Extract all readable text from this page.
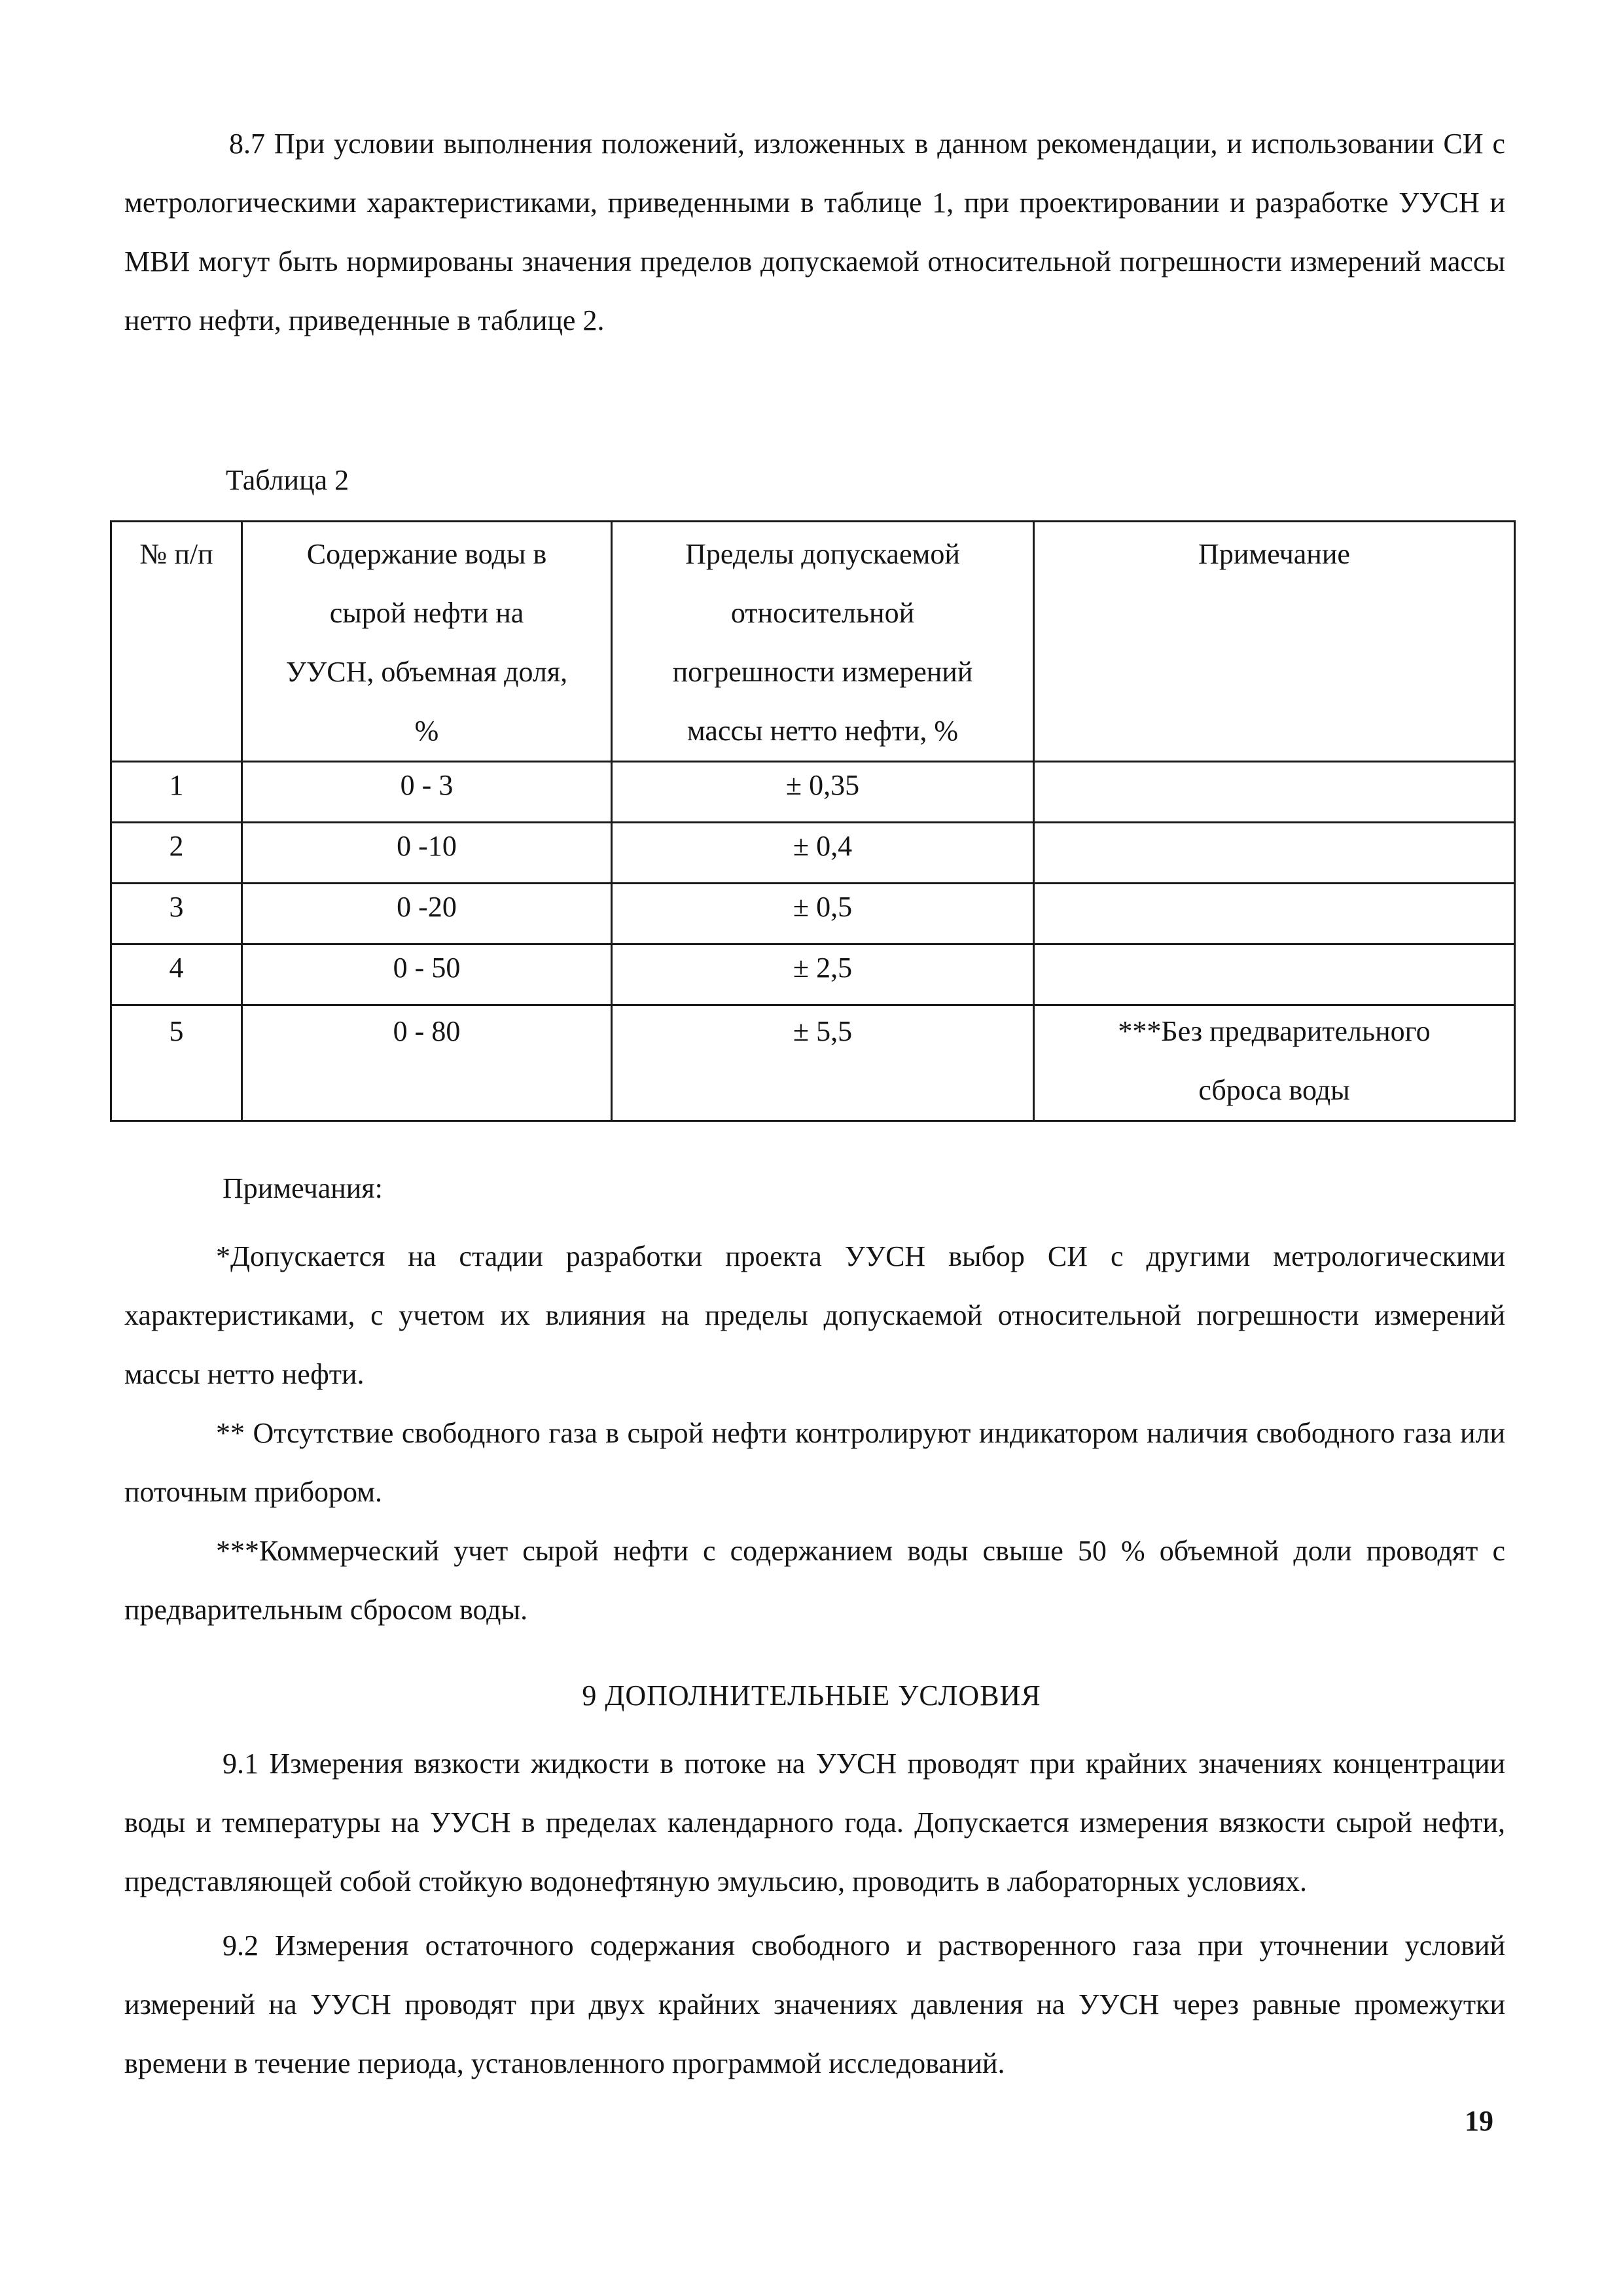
8.7 При условии выполнения положений, изложенных в данном рекомендации, и использовании СИ с метрологическими характеристиками, приведенными в таблице 1, при проектировании и разработке УУСН и МВИ могут быть нормированы значения пределов допускаемой относительной погрешности измерений массы нетто нефти, приведенные в таблице 2.

Таблица 2

№ п/п	Содержание воды в сырой нефти на УУСН, объемная доля, %	Пределы допускаемой относительной погрешности измерений массы нетто нефти, %	Примечание
1	0 - 3	± 0,35	
2	0 -10	± 0,4	
3	0 -20	± 0,5	
4	0 - 50	± 2,5	

5	0 - 80	± 5,5	***Без предварительного сброса воды

Примечания:

*Допускается на стадии разработки проекта УУСН выбор СИ с другими метрологическими характеристиками, с учетом их влияния на пределы допускаемой относительной погрешности измерений массы нетто нефти.

** Отсутствие свободного газа в сырой нефти контролируют индикатором наличия свободного газа или поточным прибором.

***Коммерческий учет сырой нефти с содержанием воды свыше 50 % объемной доли проводят с предварительным сбросом воды.

9 ДОПОЛНИТЕЛЬНЫЕ УСЛОВИЯ

9.1 Измерения вязкости жидкости в потоке на УУСН проводят при крайних значениях концентрации воды и температуры на УУСН в пределах календарного года. Допускается измерения вязкости сырой нефти, представляющей собой стойкую водонефтяную эмульсию, проводить в лабораторных условиях.

9.2 Измерения остаточного содержания свободного и растворенного газа при уточнении условий измерений на УУСН проводят при двух крайних значениях давления на УУСН через равные промежутки времени в течение периода, установленного программой исследований.

19
